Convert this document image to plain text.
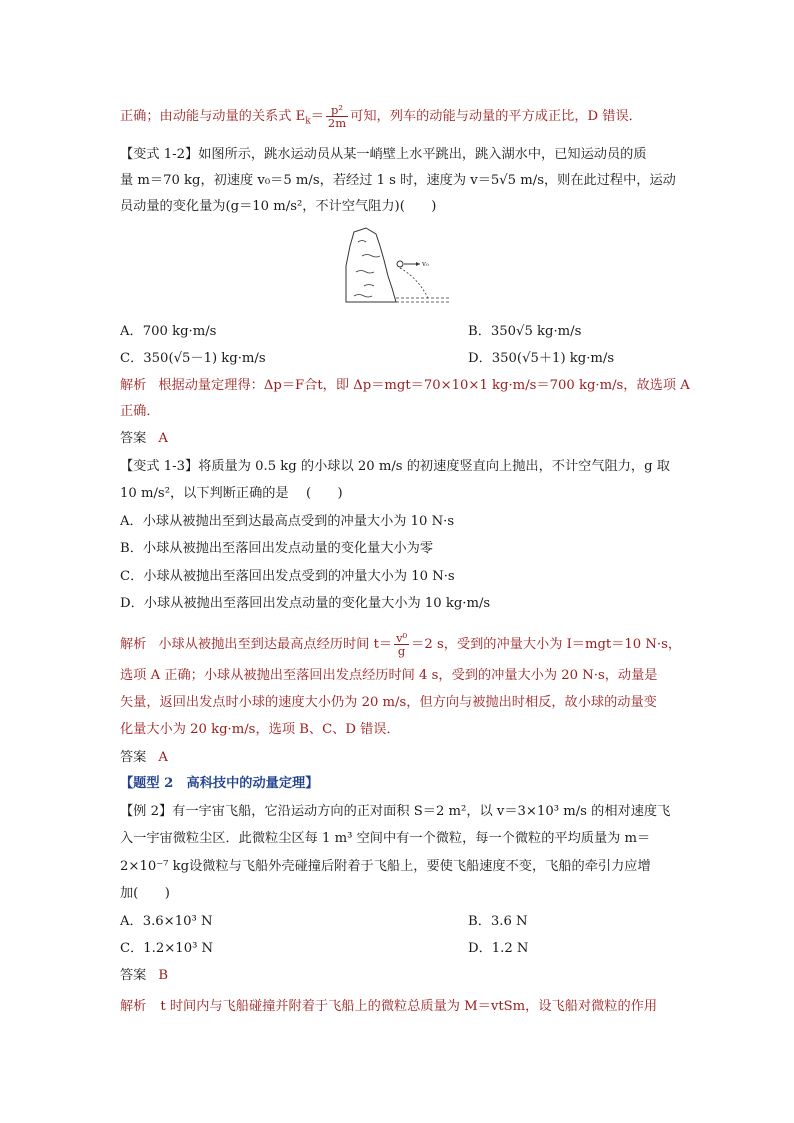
正确；由动能与动量的关系式 $E_k= \frac{\text{p²}}{2m}$ 可知，列车的动能与动量的平方成正比，D 错误．
【变式 1-2】如图所示，跳水运动员从某一峭壁上水平跳出，跳入湖水中，已知运动员的质
量 m＝70 kg，初速度 v₀＝5 m/s，若经过 1 s 时，速度为 v＝5√5 m/s，则在此过程中，运动
员动量的变化量为(g＝10 m/s²，不计空气阻力)(　　)
v₀
A．700 kg·m/s	B．350√5 kg·m/s
C．350(√5－1) kg·m/s	D．350(√5＋1) kg·m/s
解析 根据动量定理得：Δp＝F合t，即 Δp＝mgt＝70×10×1 kg·m/s＝700 kg·m/s，故选项 A
正确．
答案 A
【变式 1-3】将质量为 0.5 kg 的小球以 20 m/s 的初速度竖直向上抛出，不计空气阻力，g 取
10 m/s²，以下判断正确的是　 (　　)
A．小球从被抛出至到达最高点受到的冲量大小为 10 N·s
B．小球从被抛出至落回出发点动量的变化量大小为零
C．小球从被抛出至落回出发点受到的冲量大小为 10 N·s
D．小球从被抛出至落回出发点动量的变化量大小为 10 kg·m/s
解析 小球从被抛出至到达最高点经历时间 $t= \frac{\text{v⁰}}{g} =2$ s，受到的冲量大小为 I＝mgt＝10 N·s，
选项 A 正确；小球从被抛出至落回出发点经历时间 4 s，受到的冲量大小为 20 N·s，动量是
矢量，返回出发点时小球的速度大小仍为 20 m/s，但方向与被抛出时相反，故小球的动量变
化量大小为 20 kg·m/s，选项 B、C、D 错误．
答案 A
【题型 2　高科技中的动量定理】
【例 2】有一宇宙飞船，它沿运动方向的正对面积 S＝2 m²，以 v＝3×10³ m/s 的相对速度飞
入一宇宙微粒尘区．此微粒尘区每 1 m³ 空间中有一个微粒，每一个微粒的平均质量为 m＝
2×10⁻⁷ kg设微粒与飞船外壳碰撞后附着于飞船上，要使飞船速度不变，飞船的牵引力应增
加(　　)
A．3.6×10³ N	B．3.6 N
C．1.2×10³ N	D．1.2 N
答案 B
解析 t 时间内与飞船碰撞并附着于飞船上的微粒总质量为 M＝vtSm，设飞船对微粒的作用
